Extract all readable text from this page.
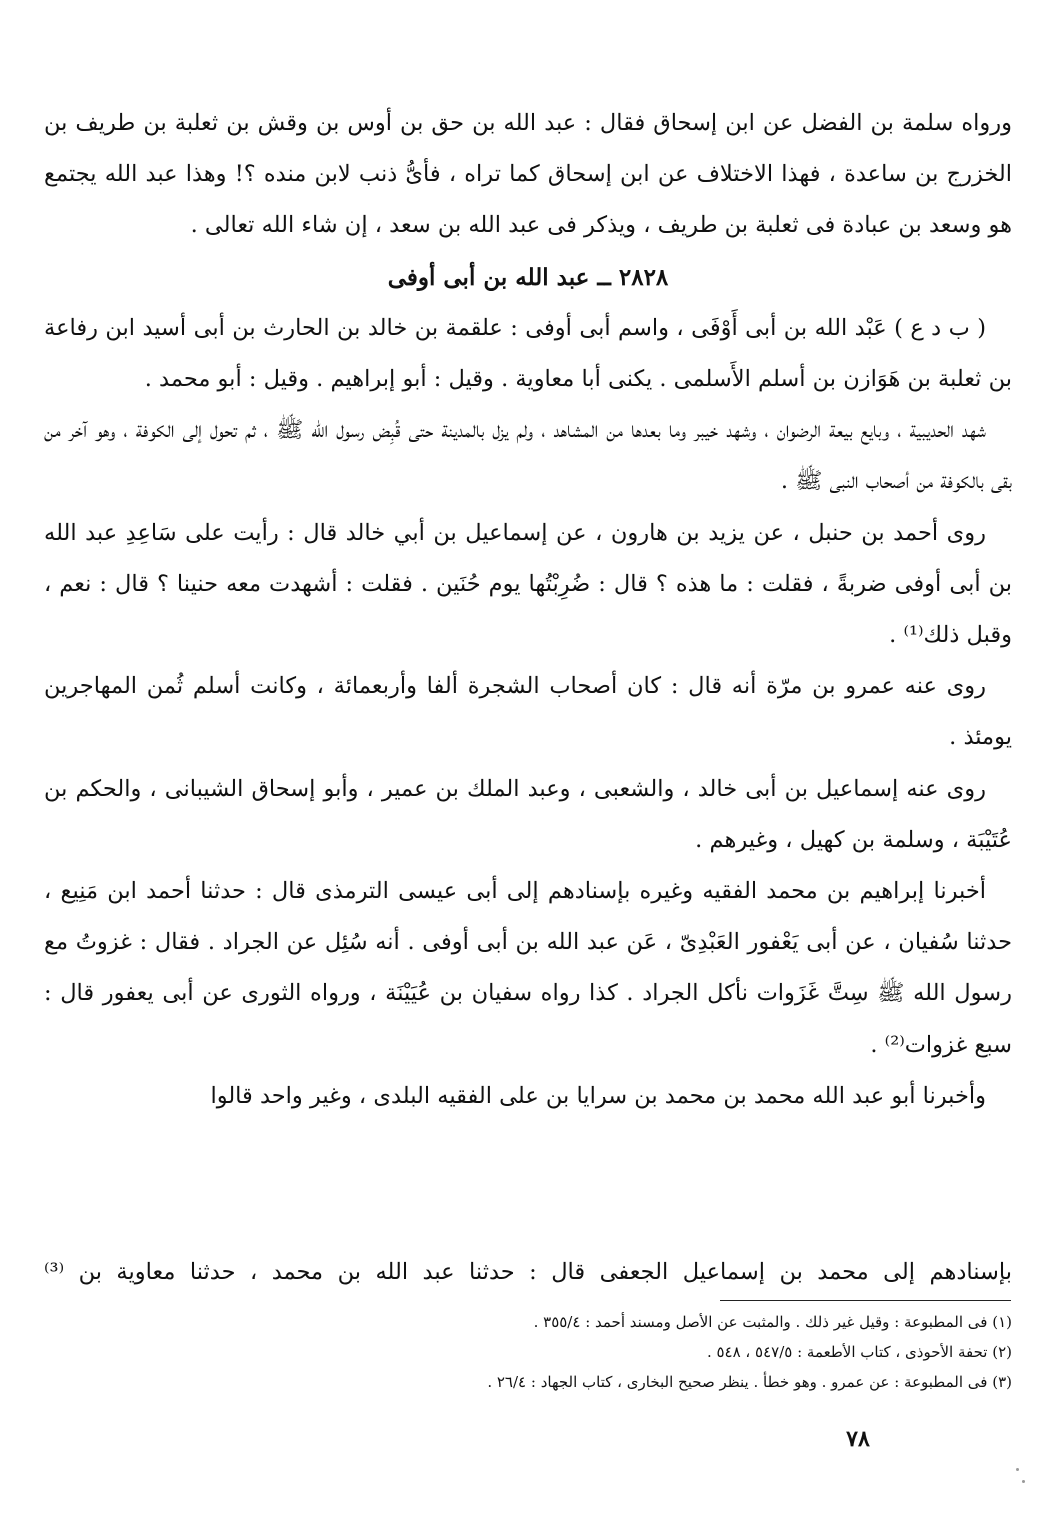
ورواه سلمة بن الفضل عن ابن إسحاق فقال : عبد الله بن حق بن أوس بن وقش بن ثعلبة بن طريف بن الخزرج بن ساعدة ، فهذا الاختلاف عن ابن إسحاق كما تراه ، فأىُّ ذنب لابن منده ؟! وهذا عبد الله يجتمع هو وسعد بن عبادة فى ثعلبة بن طريف ، ويذكر فى عبد الله بن سعد ، إن شاء الله تعالى .

٢٨٢٨ ــ عبد الله بن أبى أوفى

( ب د ع ) عَبْد الله بن أبى أَوْفَى ، واسم أبى أوفى : علقمة بن خالد بن الحارث بن أبى أسيد ابن رفاعة بن ثعلبة بن هَوَازن بن أسلم الأَسلمى . يكنى أبا معاوية . وقيل : أبو إبراهيم . وقيل : أبو محمد .

شهد الحديبية ، وبايع بيعة الرضوان ، وشهد خيبر وما بعدها من المشاهد ، ولم يزل بالمدينة حتى قُبِض رسول الله ﷺ ، ثم تحول إلى الكوفة ، وهو آخر من بقى بالكوفة من أصحاب النبى ﷺ .

روى أحمد بن حنبل ، عن يزيد بن هارون ، عن إسماعيل بن أبي خالد قال : رأيت على سَاعِدِ عبد الله بن أبى أوفى ضربةً ، فقلت : ما هذه ؟ قال : ضُرِبْتُها يوم حُنَين . فقلت : أشهدت معه حنينا ؟ قال : نعم ، وقبل ذلك⁽¹⁾ .

روى عنه عمرو بن مرّة أنه قال : كان أصحاب الشجرة ألفا وأربعمائة ، وكانت أسلم ثُمن المهاجرين يومئذ .

روى عنه إسماعيل بن أبى خالد ، والشعبى ، وعبد الملك بن عمير ، وأبو إسحاق الشيبانى ، والحكم بن عُتَيْبَة ، وسلمة بن كهيل ، وغيرهم .

أخبرنا إبراهيم بن محمد الفقيه وغيره بإسنادهم إلى أبى عيسى الترمذى قال : حدثنا أحمد ابن مَنِيع ، حدثنا سُفيان ، عن أبى يَعْفور العَبْدِىّ ، عَن عبد الله بن أبى أوفى . أنه سُئِل عن الجراد . فقال : غزوتُ مع رسول الله ﷺ سِتَّ غَزَوات نأكل الجراد . كذا رواه سفيان بن عُيَيْنَة ، ورواه الثورى عن أبى يعفور قال : سبع غزوات⁽²⁾ .

وأخبرنا أبو عبد الله محمد بن محمد بن سرايا بن على الفقيه البلدى ، وغير واحد قالوا

بإسنادهم إلى محمد بن إسماعيل الجعفى قال : حدثنا عبد الله بن محمد ، حدثنا معاوية بن ⁽³⁾

(١) فى المطبوعة : وقيل غير ذلك . والمثبت عن الأصل ومسند أحمد : ٣٥٥/٤ .

(٢) تحفة الأحوذى ، كتاب الأطعمة : ٥٤٧/٥ ، ٥٤٨ .

(٣) فى المطبوعة : عن عمرو . وهو خطأ . ينظر صحيح البخارى ، كتاب الجهاد : ٢٦/٤ .

٧٨
